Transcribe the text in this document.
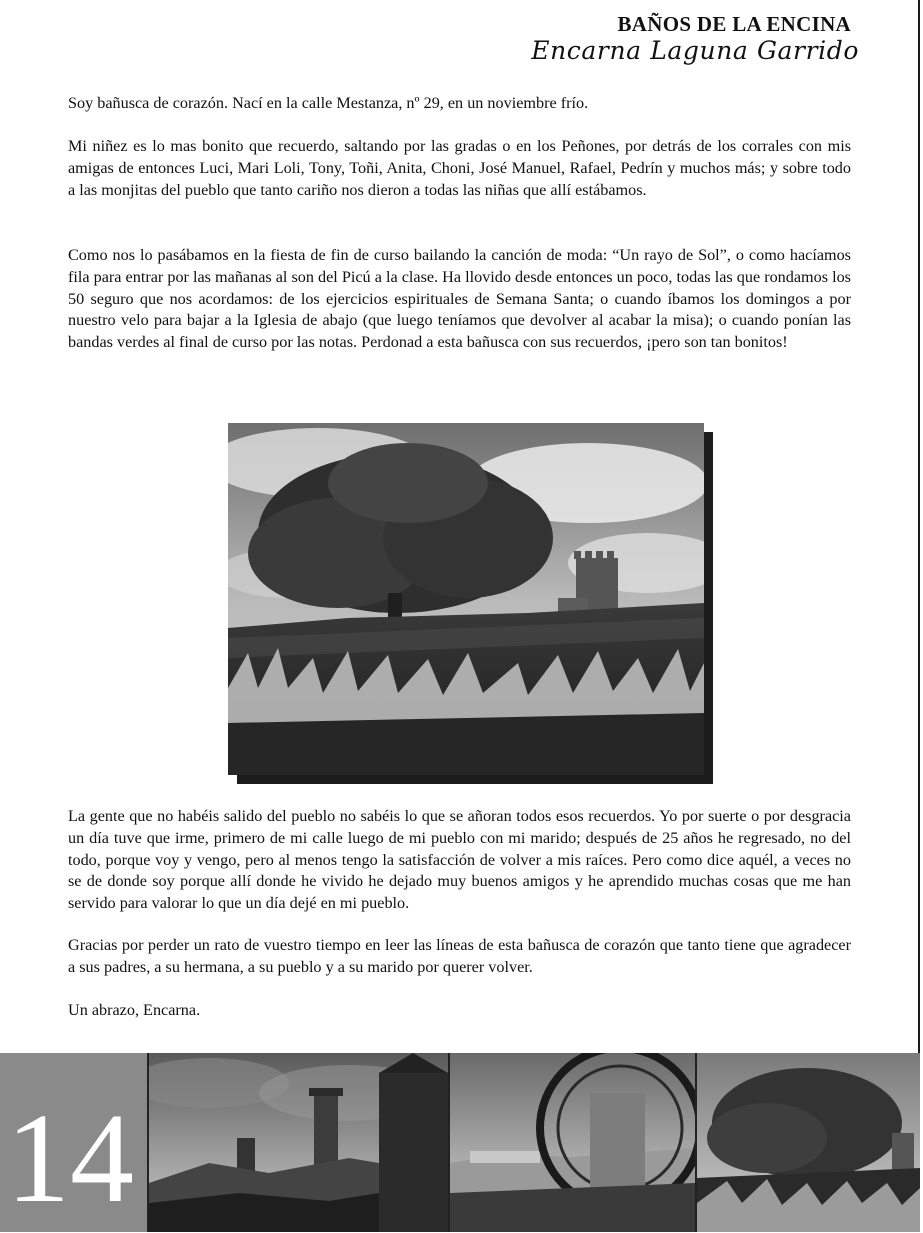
BAÑOS DE LA ENCINA
Encarna Laguna Garrido

Soy bañusca de corazón. Nací en la calle Mestanza, nº 29, en un noviembre frío.

Mi niñez es lo mas bonito que recuerdo, saltando por las gradas o en los Peñones, por detrás de los corrales con mis amigas de entonces Luci, Mari Loli, Tony, Toñi, Anita, Choni, José Manuel, Rafael, Pedrín y muchos más; y sobre todo a las monjitas del pueblo que tanto cariño nos dieron a todas las niñas que allí estábamos.

Como nos lo pasábamos en la fiesta de fin de curso bailando la canción de moda: “Un rayo de Sol”, o como hacíamos fila para entrar por las mañanas al son del Picú a la clase. Ha llovido desde entonces un poco, todas las que rondamos los 50 seguro que nos acordamos: de los ejercicios espirituales de Semana Santa; o cuando íbamos los domingos a por nuestro velo para bajar a la Iglesia de abajo (que luego teníamos que devolver al acabar la misa); o cuando ponían las bandas verdes al final de curso por las notas. Perdonad a esta bañusca con sus recuerdos, ¡pero son tan bonitos!

La gente que no habéis salido del pueblo no sabéis lo que se añoran todos esos recuerdos. Yo por suerte o por desgracia un día tuve que irme, primero de mi calle luego de mi pueblo con mi marido; después de 25 años he regresado, no del todo, porque voy y vengo, pero al menos tengo la satisfacción de volver a mis raíces. Pero como dice aquél, a veces no se de donde soy porque allí donde he vivido he dejado muy buenos amigos y he aprendido muchas cosas que me han servido para valorar lo que un día dejé en mi pueblo.

Gracias por perder un rato de vuestro tiempo en leer las líneas de esta bañusca de corazón que tanto tiene que agradecer a sus padres, a su hermana, a su pueblo y a su marido por querer volver.

Un abrazo, Encarna.

14
